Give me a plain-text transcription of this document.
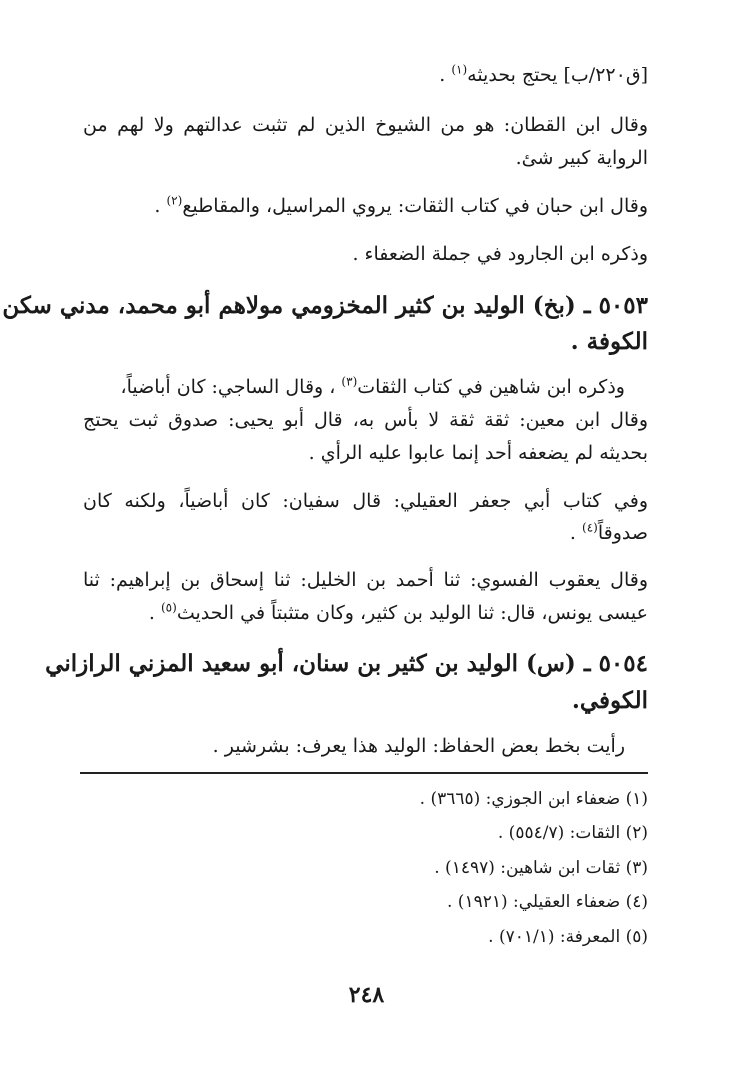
[ق٢٢٠/ب] يحتج بحديثه$^{(١)}$ .
وقال ابن القطان: هو من الشيوخ الذين لم تثبت عدالتهم ولا لهم من
الرواية كبير شئ.
وقال ابن حبان في كتاب الثقات: يروي المراسيل، والمقاطيع$^{(٢)}$ .
وذكره ابن الجارود في جملة الضعفاء .
٥٠٥٣ ـ (بخ) الوليد بن كثير المخزومي مولاهم أبو محمد، مدني سكن
الكوفة .
وذكره ابن شاهين في كتاب الثقات$^{(٣)}$ ، وقال الساجي: كان أباضياً،
وقال ابن معين: ثقة ثقة لا بأس به، قال أبو يحيى: صدوق ثبت يحتج
بحديثه لم يضعفه أحد إنما عابوا عليه الرأي .
وفي كتاب أبي جعفر العقيلي: قال سفيان: كان أباضياً، ولكنه كان
صدوقاً$^{(٤)}$ .
وقال يعقوب الفسوي: ثنا أحمد بن الخليل: ثنا إسحاق بن إبراهيم: ثنا
عيسى يونس، قال: ثنا الوليد بن كثير، وكان متثبتاً في الحديث$^{(٥)}$ .
٥٠٥٤ ـ (س) الوليد بن كثير بن سنان، أبو سعيد المزني الرازاني
الكوفي.
رأيت بخط بعض الحفاظ: الوليد هذا يعرف: بشرشير .
(١) ضعفاء ابن الجوزي: (٣٦٦٥) .
(٢) الثقات: (٥٥٤/٧) .
(٣) ثقات ابن شاهين: (١٤٩٧) .
(٤) ضعفاء العقيلي: (١٩٢١) .
(٥) المعرفة: (٧٠١/١) .
٢٤٨
